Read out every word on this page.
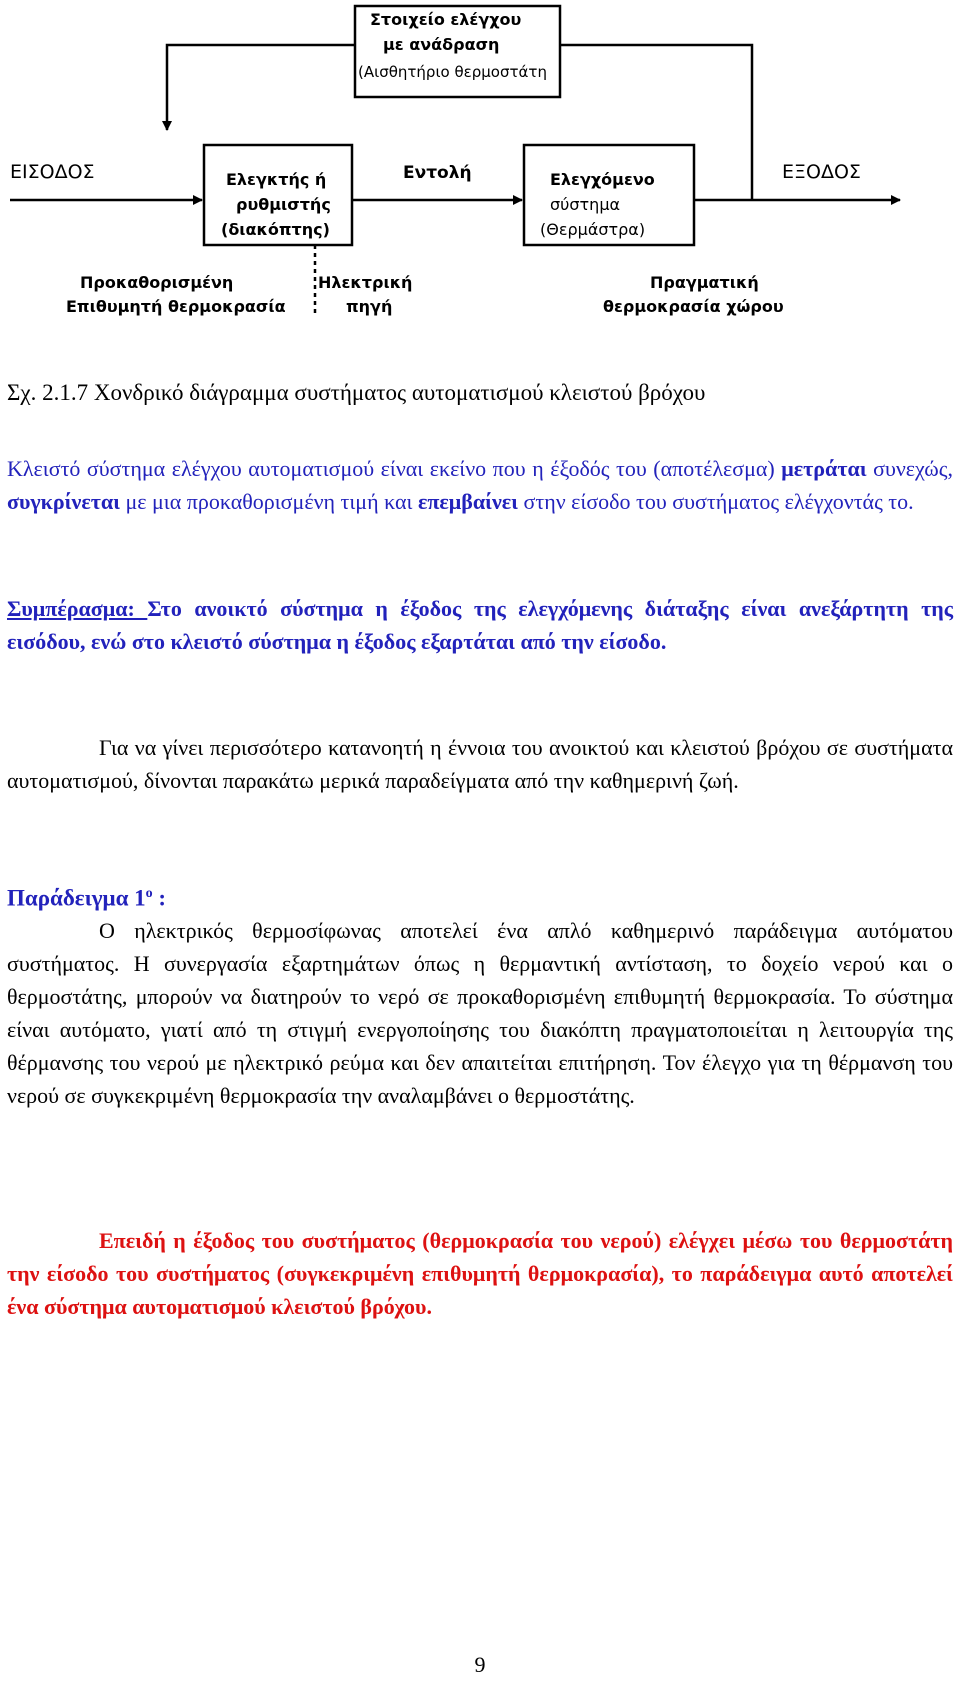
Στοιχείο ελέγχου
με ανάδραση
(Αισθητήριο θερμοστάτη
Ελεγκτής ή
ρυθμιστής
(διακόπτης)
Ελεγχόμενο
σύστημα
(Θερμάστρα)
ΕΙΣΟΔΟΣ	ΕΞΟΔΟΣ
Εντολή
Προκαθορισμένη
Επιθυμητή θερμοκρασία
Ηλεκτρική
πηγή
Πραγματική
θερμοκρασία χώρου
Σχ. 2.1.7 Χονδρικό διάγραμμα συστήματος αυτοματισμού κλειστού βρόχου
Κλειστό σύστημα ελέγχου αυτοματισμού είναι εκείνο που η έξοδός του (αποτέλεσμα) μετράται συνεχώς, συγκρίνεται με μια προκαθορισμένη τιμή και επεμβαίνει στην είσοδο του συστήματος ελέγχοντάς το.
Συμπέρασμα: Στο ανοικτό σύστημα η έξοδος της ελεγχόμενης διάταξης είναι ανεξάρτητη της εισόδου, ενώ στο κλειστό σύστημα η έξοδος εξαρτάται από την είσοδο.
Για να γίνει περισσότερο κατανοητή η έννοια του ανοικτού και κλειστού βρόχου σε συστήματα αυτοματισμού, δίνονται παρακάτω μερικά παραδείγματα από την καθημερινή ζωή.
Παράδειγμα $1^o$ :
Ο ηλεκτρικός θερμοσίφωνας αποτελεί ένα απλό καθημερινό παράδειγμα αυτόματου συστήματος. Η συνεργασία εξαρτημάτων όπως η θερμαντική αντίσταση, το δοχείο νερού και ο θερμοστάτης, μπορούν να διατηρούν το νερό σε προκαθορισμένη επιθυμητή θερμοκρασία. Το σύστημα είναι αυτόματο, γιατί από τη στιγμή ενεργοποίησης του διακόπτη πραγματοποιείται η λειτουργία της θέρμανσης του νερού με ηλεκτρικό ρεύμα και δεν απαιτείται επιτήρηση. Τον έλεγχο για τη θέρμανση του νερού σε συγκεκριμένη θερμοκρασία την αναλαμβάνει ο θερμοστάτης.
Επειδή η έξοδος του συστήματος (θερμοκρασία του νερού) ελέγχει μέσω του θερμοστάτη την είσοδο του συστήματος (συγκεκριμένη επιθυμητή θερμοκρασία), το παράδειγμα αυτό αποτελεί ένα σύστημα αυτοματισμού κλειστού βρόχου.
9
